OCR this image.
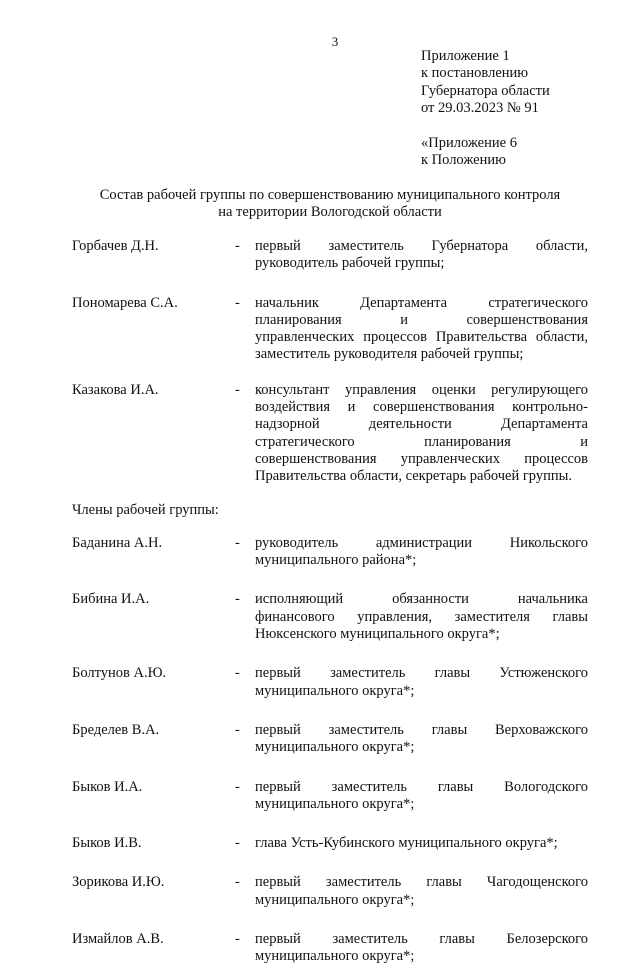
3
Приложение 1
к постановлению
Губернатора области
от 29.03.2023 № 91
«Приложение 6
к Положению
Состав рабочей группы по совершенствованию муниципального контроля
на территории Вологодской области
Горбачев Д.Н.	-	первый заместитель Губернатора области,
руководитель рабочей группы;
Пономарева С.А.	-	начальник Департамента стратегического
планирования и совершенствования
управленческих процессов Правительства области,
заместитель руководителя рабочей группы;
Казакова И.А.	-	консультант управления оценки регулирующего
воздействия и совершенствования контрольно-
надзорной деятельности Департамента
стратегического планирования и
совершенствования управленческих процессов
Правительства области, секретарь рабочей группы.
Члены рабочей группы:
Баданина А.Н.	-	руководитель администрации Никольского
муниципального района*;
Бибина И.А.	-	исполняющий обязанности начальника
финансового управления, заместителя главы
Нюксенского муниципального округа*;
Болтунов А.Ю.	-	первый заместитель главы Устюженского
муниципального округа*;
Бределев В.А.	-	первый заместитель главы Верховажского
муниципального округа*;
Быков И.А.	-	первый заместитель главы Вологодского
муниципального округа*;
Быков И.В.	-	глава Усть-Кубинского муниципального округа*;
Зорикова И.Ю.	-	первый заместитель главы Чагодощенского
муниципального округа*;
Измайлов А.В.	-	первый заместитель главы Белозерского
муниципального округа*;
